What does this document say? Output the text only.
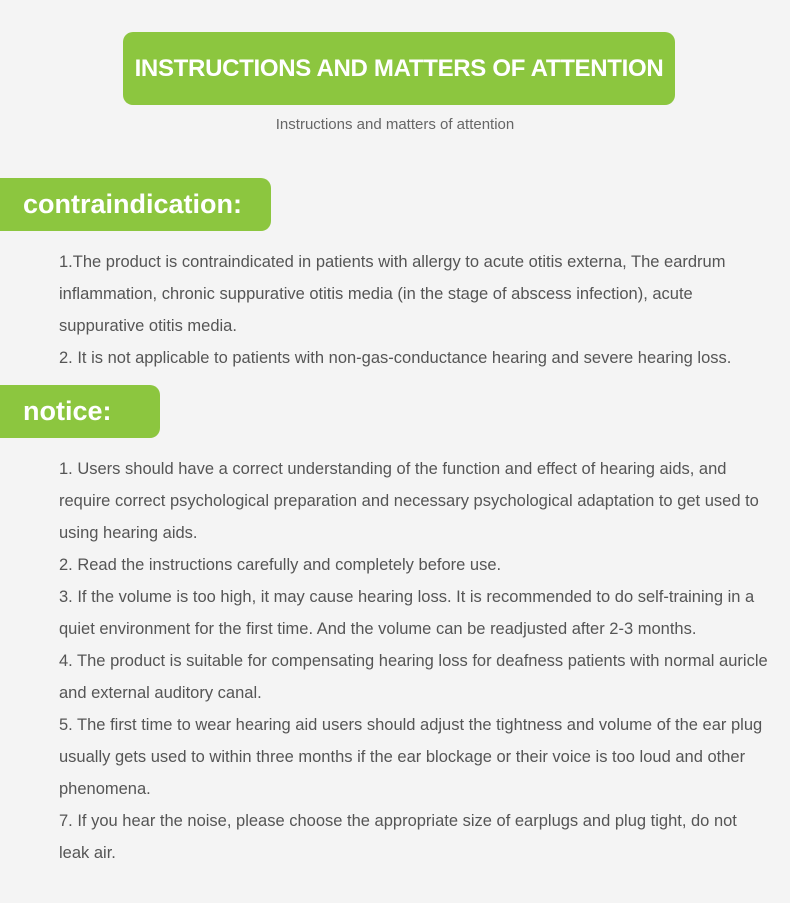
INSTRUCTIONS AND MATTERS OF ATTENTION
Instructions and matters of attention
contraindication:

1.The product is contraindicated in patients with allergy to acute otitis externa, The eardrum inflammation, chronic suppurative otitis media (in the stage of abscess infection), acute suppurative otitis media.

2. It is not applicable to patients with non-gas-conductance hearing and severe hearing loss.

notice:

1. Users should have a correct understanding of the function and effect of hearing aids, and require correct psychological preparation and necessary psychological adaptation to get used to using hearing aids.

2. Read the instructions carefully and completely before use.

3. If the volume is too high, it may cause hearing loss. It is recommended to do self-training in a quiet environment for the first time. And the volume can be readjusted after 2-3 months.

4. The product is suitable for compensating hearing loss for deafness patients with normal auricle and external auditory canal.

5. The first time to wear hearing aid users should adjust the tightness and volume of the ear plug usually gets used to within three months if the ear blockage or their voice is too loud and other phenomena.

7. If you hear the noise, please choose the appropriate size of earplugs and plug tight, do not leak air.
